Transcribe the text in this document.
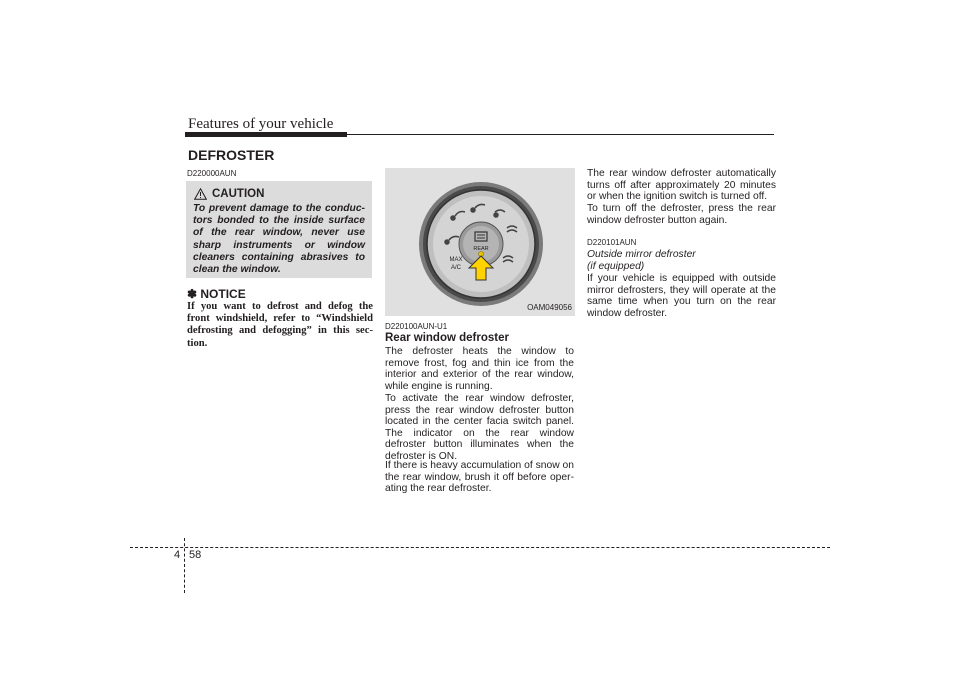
Features of your vehicle
DEFROSTER
D220000AUN
CAUTION

To prevent damage to the conduc-tors bonded to the inside surface of the rear window, never use sharp instruments or window cleaners containing abrasives to clean the window.

✽ NOTICE

If you want to defrost and defog the front windshield, refer to “Windshield defrosting and defogging” in this sec-tion.

REAR
MAX
A/C
OAM049056
D220100AUN-U1
Rear window defroster

The defroster heats the window to remove frost, fog and thin ice from the interior and exterior of the rear window, while engine is running.

To activate the rear window defroster, press the rear window defroster button located in the center facia switch panel. The indicator on the rear window defroster button illuminates when the defroster is ON.

If there is heavy accumulation of snow on the rear window, brush it off before oper-ating the rear defroster.

The rear window defroster automatically turns off after approximately 20 minutes or when the ignition switch is turned off.

To turn off the defroster, press the rear window defroster button again.

D220101AUN
Outside mirror defroster
(if equipped)

If your vehicle is equipped with outside mirror defrosters, they will operate at the same time when you turn on the rear window defroster.

4 58
